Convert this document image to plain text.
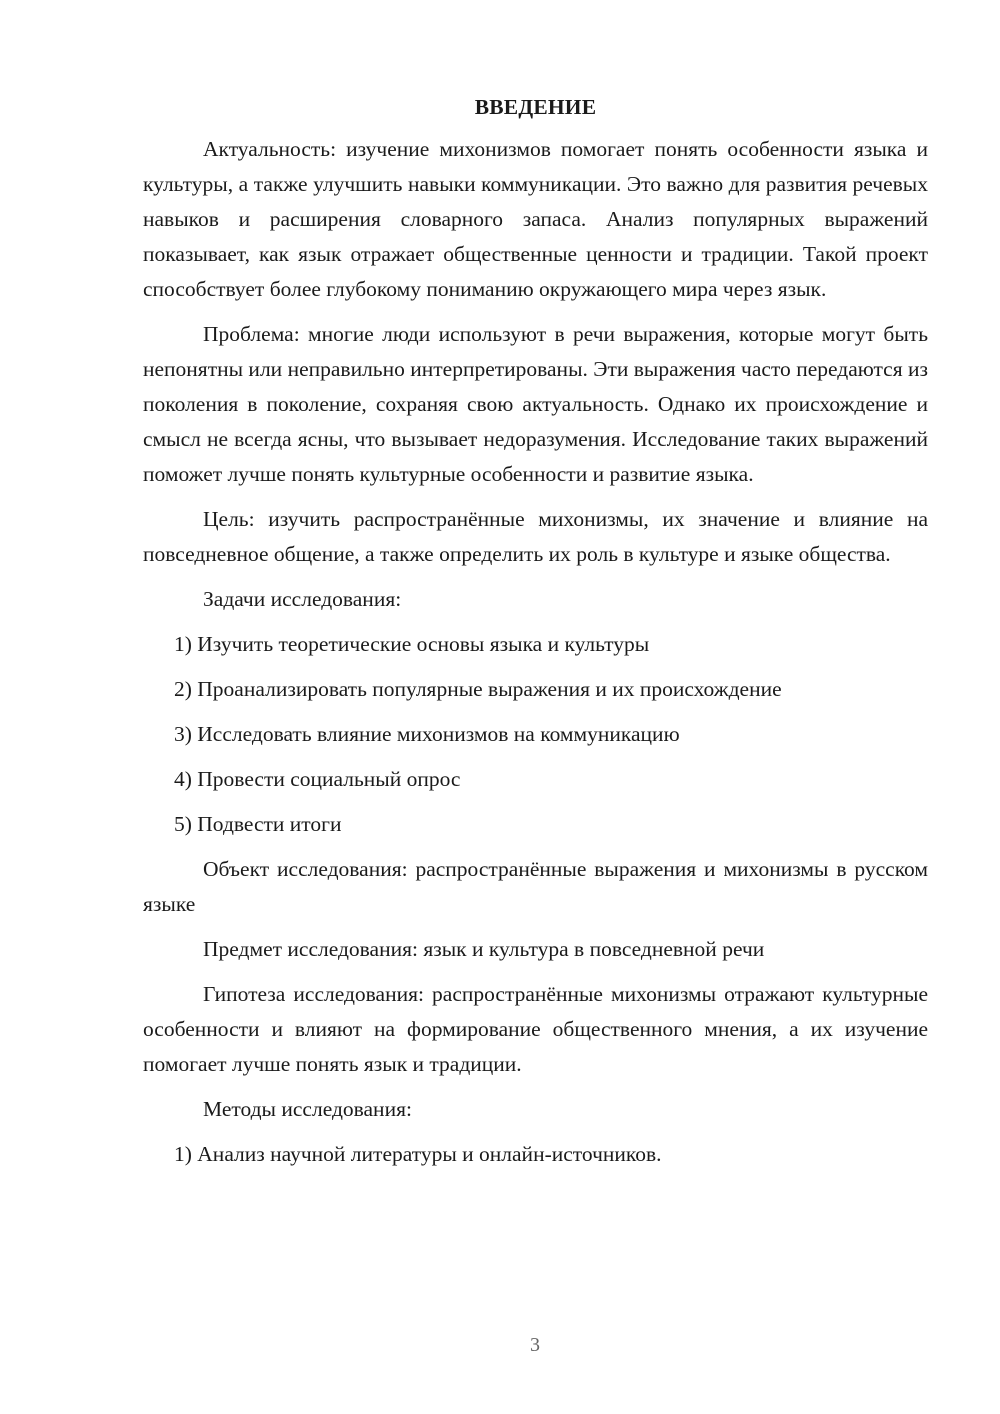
ВВЕДЕНИЕ

Актуальность: изучение михонизмов помогает понять особенности языка и культуры, а также улучшить навыки коммуникации. Это важно для развития речевых навыков и расширения словарного запаса. Анализ популярных выражений показывает, как язык отражает общественные ценности и традиции. Такой проект способствует более глубокому пониманию окружающего мира через язык.

Проблема: многие люди используют в речи выражения, которые могут быть непонятны или неправильно интерпретированы. Эти выражения часто передаются из поколения в поколение, сохраняя свою актуальность. Однако их происхождение и смысл не всегда ясны, что вызывает недоразумения. Исследование таких выражений поможет лучше понять культурные особенности и развитие языка.

Цель: изучить распространённые михонизмы, их значение и влияние на повседневное общение, а также определить их роль в культуре и языке общества.

Задачи исследования:

1) Изучить теоретические основы языка и культуры

2) Проанализировать популярные выражения и их происхождение

3) Исследовать влияние михонизмов на коммуникацию

4) Провести социальный опрос

5) Подвести итоги

Объект исследования: распространённые выражения и михонизмы в русском языке

Предмет исследования: язык и культура в повседневной речи

Гипотеза исследования: распространённые михонизмы отражают культурные особенности и влияют на формирование общественного мнения, а их изучение помогает лучше понять язык и традиции.

Методы исследования:

1) Анализ научной литературы и онлайн-источников.

3
